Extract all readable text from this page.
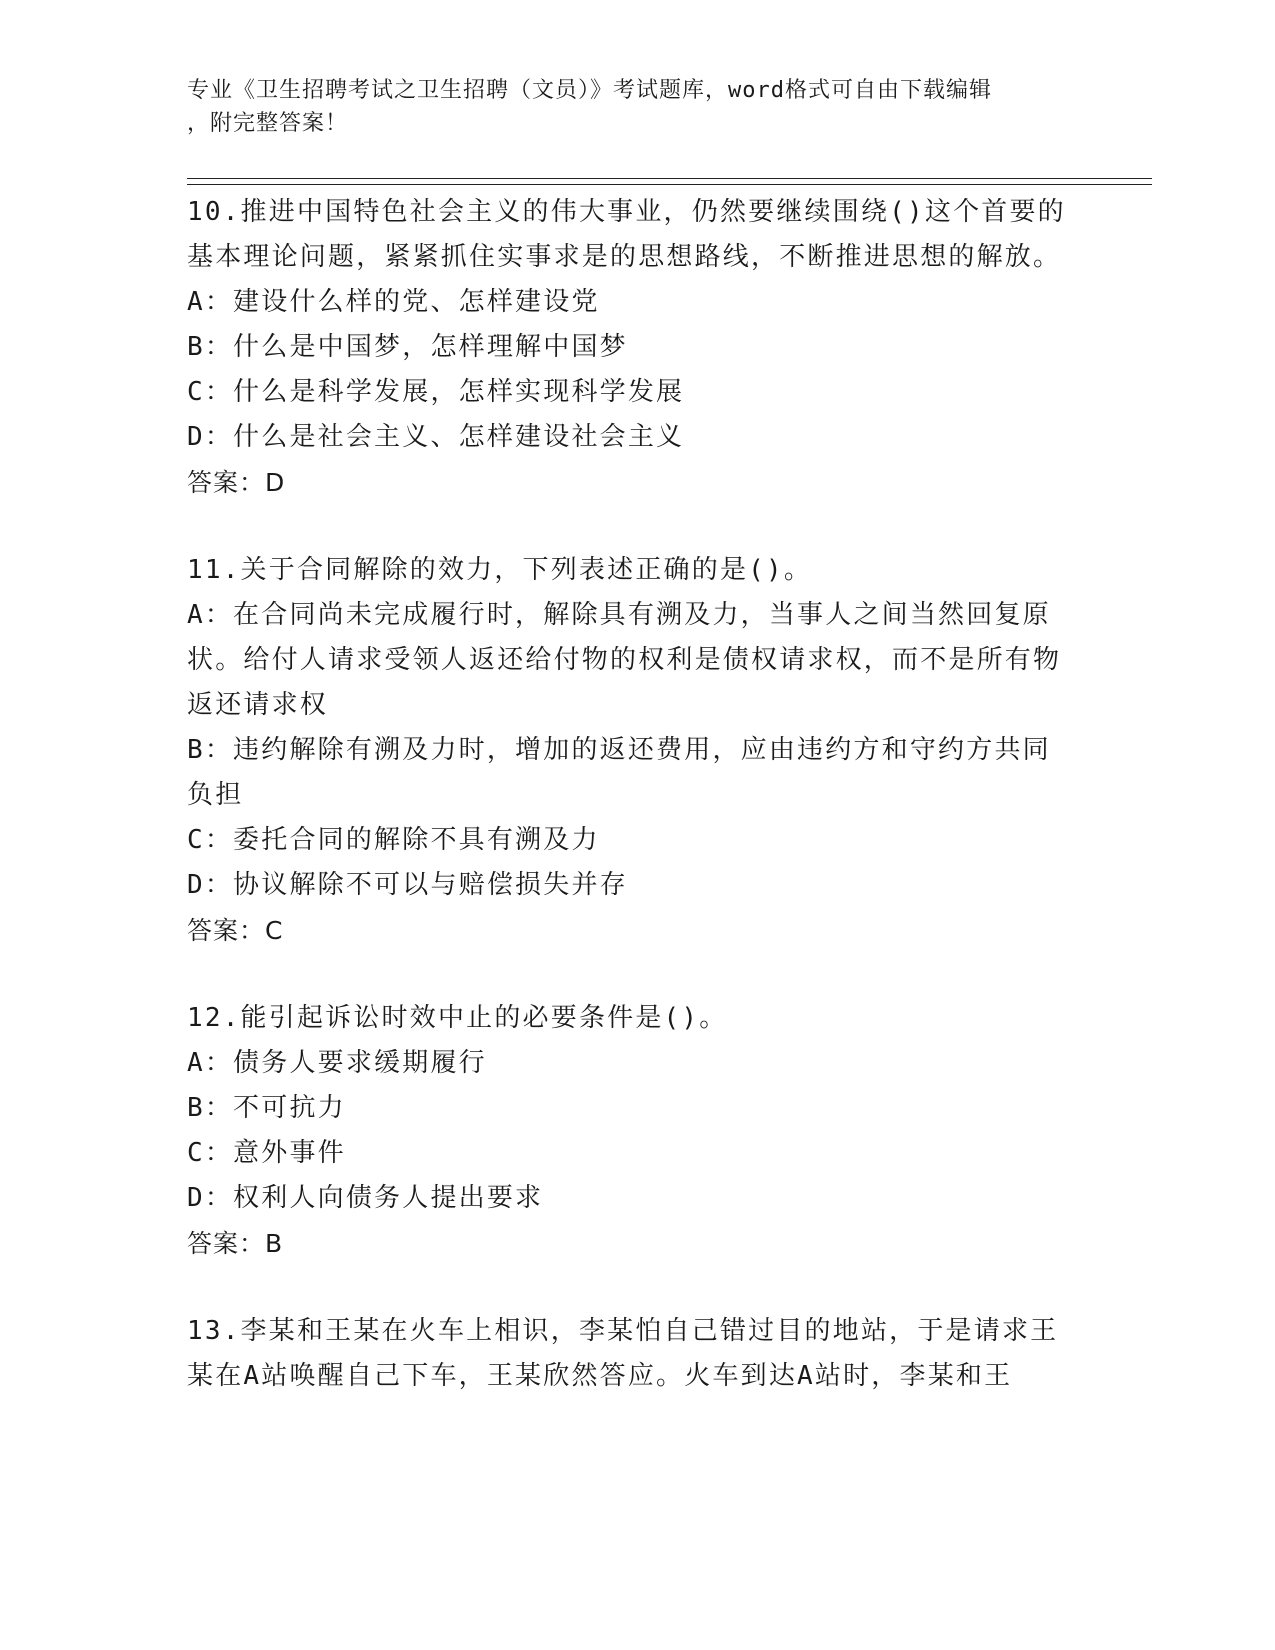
专业《卫生招聘考试之卫生招聘（文员）》考试题库，word格式可自由下载编辑
，附完整答案！
10.推进中国特色社会主义的伟大事业，仍然要继续围绕()这个首要的基本理论问题，紧紧抓住实事求是的思想路线，不断推进思想的解放。
A：建设什么样的党、怎样建设党
B：什么是中国梦，怎样理解中国梦
C：什么是科学发展，怎样实现科学发展
D：什么是社会主义、怎样建设社会主义
答案：D
11.关于合同解除的效力，下列表述正确的是()。
A：在合同尚未完成履行时，解除具有溯及力，当事人之间当然回复原状。给付人请求受领人返还给付物的权利是债权请求权，而不是所有物返还请求权
B：违约解除有溯及力时，增加的返还费用，应由违约方和守约方共同负担
C：委托合同的解除不具有溯及力
D：协议解除不可以与赔偿损失并存
答案：C
12.能引起诉讼时效中止的必要条件是()。
A：债务人要求缓期履行
B：不可抗力
C：意外事件
D：权利人向债务人提出要求
答案：B
13.李某和王某在火车上相识，李某怕自己错过目的地站，于是请求王某在A站唤醒自己下车，王某欣然答应。火车到达A站时，李某和王
